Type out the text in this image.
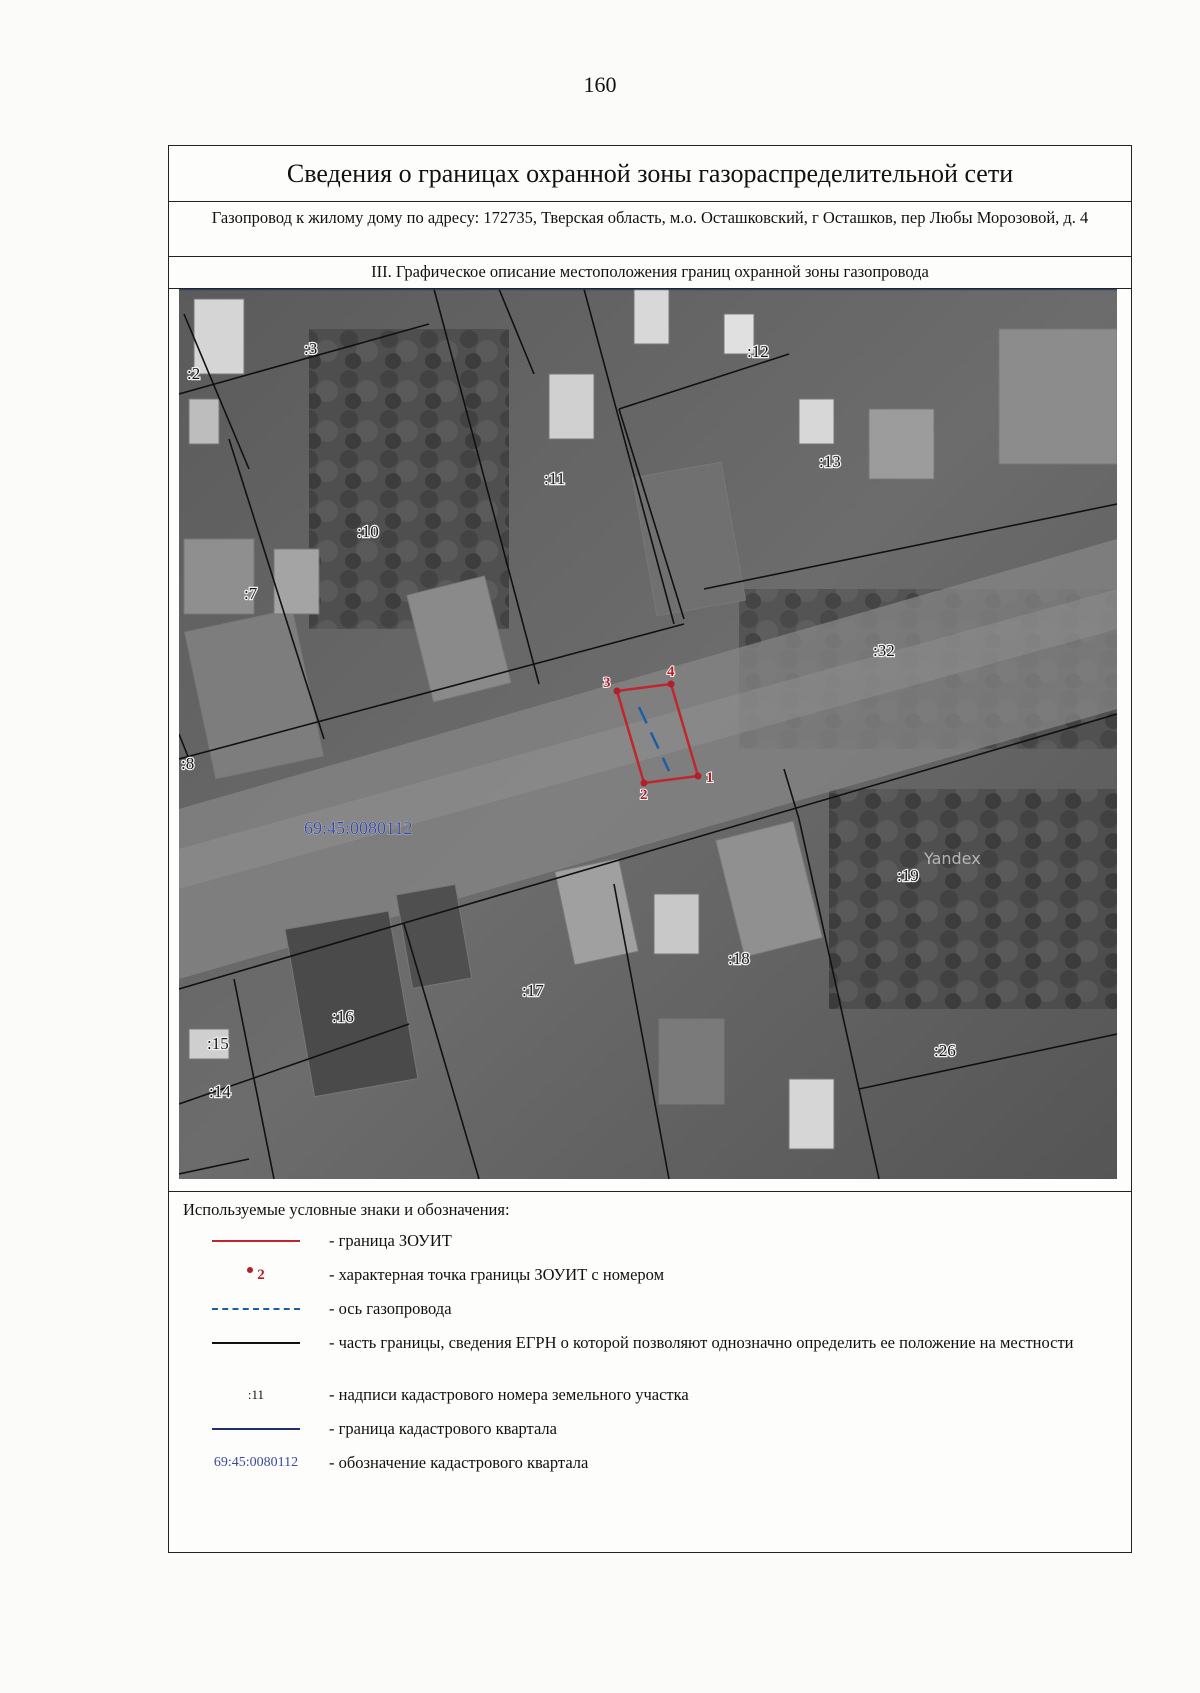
160
Сведения о границах охранной зоны газораспределительной сети
Газопровод к жилому дому по адресу: 172735, Тверская область, м.о. Осташковский, г Осташков, пер Любы Морозовой, д. 4
III. Графическое описание местоположения границ охранной зоны газопровода
Yandex
69:45:0080112
:2
:3
:7
:8
:10
:11
:12
:13
:14
:15
:16
:17
:18
:19
:26
:32
1
2
3
4
Используемые условные знаки и обозначения:
- граница ЗОУИТ
2	- характерная точка границы ЗОУИТ с номером
- ось газопровода
- часть границы, сведения ЕГРН о которой позволяют однозначно определить ее положение на местности
:11	- надписи кадастрового номера земельного участка
- граница кадастрового квартала
69:45:0080112 - обозначение кадастрового квартала
